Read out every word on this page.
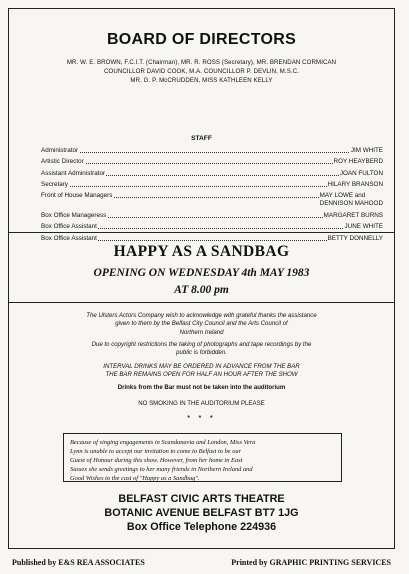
BOARD OF DIRECTORS
MR. W. E. BROWN, F.C.I.T. (Chairman), MR. R. ROSS (Secretary), MR. BRENDAN CORMICAN
COUNCILLOR DAVID COOK, M.A. COUNCILLOR P. DEVLIN, M.S.C.
MR. G. P. McCRUDDEN, MISS KATHLEEN KELLY
STAFF
Administrator	JIM WHITE
Artistic Director	ROY HEAYBERD
Assistant Administrator	JOAN FULTON
Secretary	HILARY BRANSON
Front of House Managers	MAY LOWE and
DENNISON MAHOOD
Box Office Manageress	MARGARET BURNS
Box Office Assistant	JUNE WHITE
Box Office Assistant	BETTY DONNELLY
HAPPY AS A SANDBAG
OPENING ON WEDNESDAY 4th MAY 1983
AT 8.00 pm
The Ulsters Actors Company wish to acknowledge with grateful thanks the assistance
given to them by the Belfast City Council and the Arts Council of
Northern Ireland
Due to copyright restrictions the taking of photographs and tape recordings by the
public is forbidden.
INTERVAL DRINKS MAY BE ORDERED IN ADVANCE FROM THE BAR
THE BAR REMAINS OPEN FOR HALF AN HOUR AFTER THE SHOW
Drinks from the Bar must not be taken into the auditorium
NO SMOKING IN THE AUDITORIUM PLEASE
* * *
Because of singing engagements in Scandanavia and London, Miss Vera
Lynn is unable to accept our invitation to come to Belfast to be our
Guest of Honour during this show. However, from her home in East
Sussex she sends greetings to her many friends in Northern Ireland and
Good Wishes to the cast of "Happy as a Sandbag".
BELFAST CIVIC ARTS THEATRE
BOTANIC AVENUE BELFAST BT7 1JG
Box Office Telephone 224936
Published by E&S REA ASSOCIATES	Printed by GRAPHIC PRINTING SERVICES
